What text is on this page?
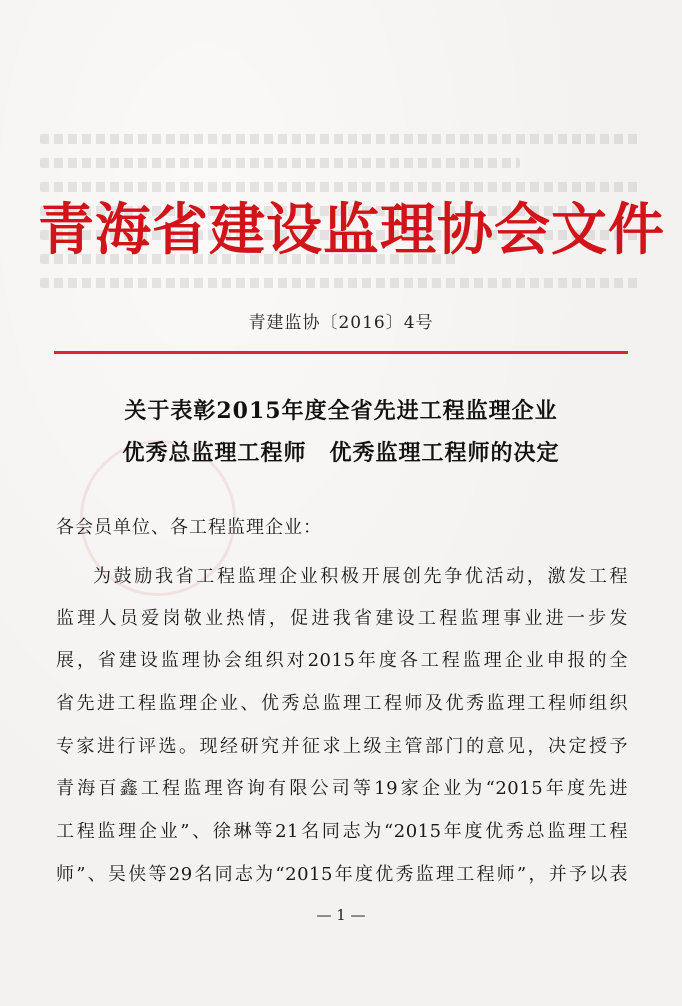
青海省建设监理协会文件
青建监协〔2016〕4号
关于表彰2015年度全省先进工程监理企业
优秀总监理工程师　优秀监理工程师的决定
各会员单位、各工程监理企业：
为鼓励我省工程监理企业积极开展创先争优活动，激发工程
监理人员爱岗敬业热情，促进我省建设工程监理事业进一步发
展，省建设监理协会组织对2015年度各工程监理企业申报的全
省先进工程监理企业、优秀总监理工程师及优秀监理工程师组织
专家进行评选。现经研究并征求上级主管部门的意见，决定授予
青海百鑫工程监理咨询有限公司等19家企业为“2015年度先进
工程监理企业”、徐琳等21名同志为“2015年度优秀总监理工程
师”、吴侠等29名同志为“2015年度优秀监理工程师”，并予以表
— 1 —
